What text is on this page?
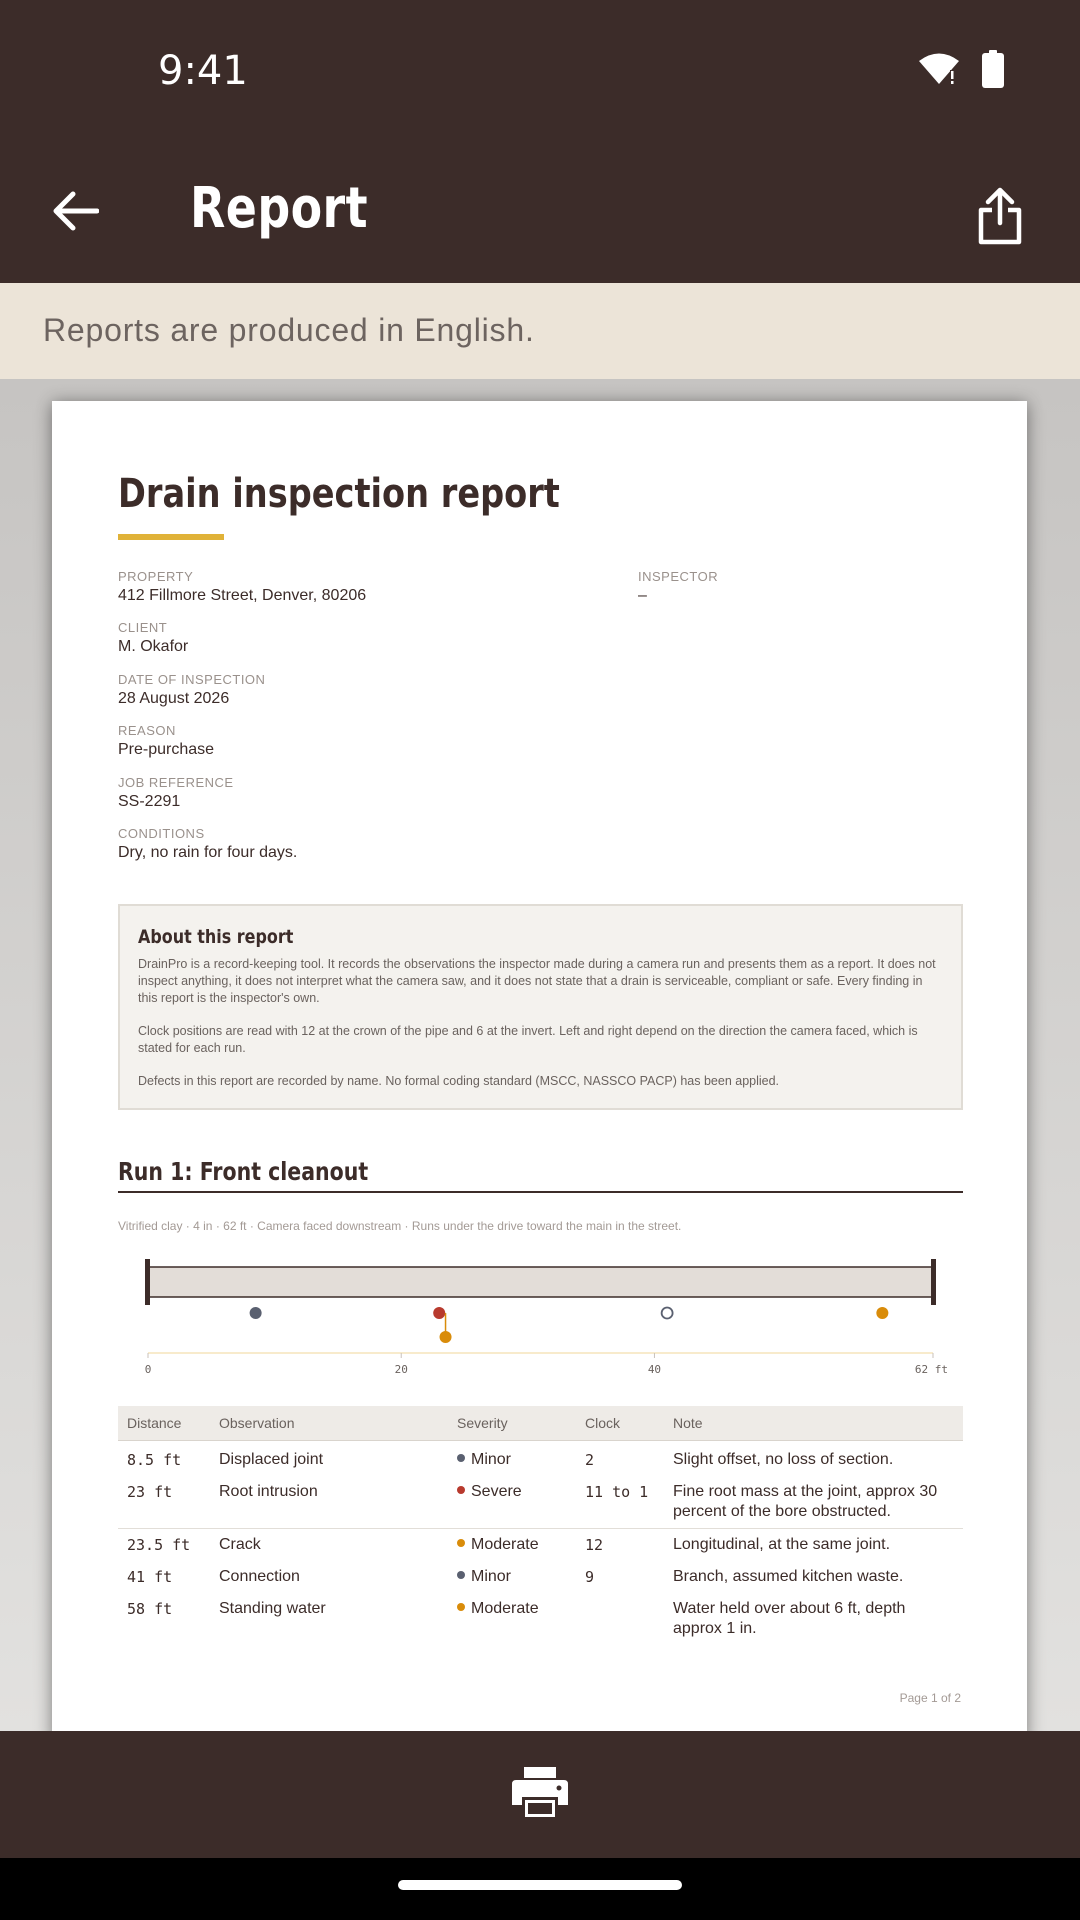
9:41
Report
Reports are produced in English.
Drain inspection report
PROPERTY
412 Fillmore Street, Denver, 80206
INSPECTOR
–
CLIENT
M. Okafor
DATE OF INSPECTION
28 August 2026
REASON
Pre-purchase
JOB REFERENCE
SS-2291
CONDITIONS
Dry, no rain for four days.
About this report

DrainPro is a record-keeping tool. It records the observations the inspector made during a camera run and presents them as a report. It does not inspect anything, it does not interpret what the camera saw, and it does not state that a drain is serviceable, compliant or safe. Every finding in this report is the inspector's own.

Clock positions are read with 12 at the crown of the pipe and 6 at the invert. Left and right depend on the direction the camera faced, which is stated for each run.

Defects in this report are recorded by name. No formal coding standard (MSCC, NASSCO PACP) has been applied.

Run 1: Front cleanout
Vitrified clay · 4 in · 62 ft · Camera faced downstream · Runs under the drive toward the main in the street.
0	20	40	62 ft
Distance	Observation	Severity	Clock	Note
8.5 ft	Displaced joint	Minor	2	Slight offset, no loss of section.
23 ft	Root intrusion	Severe	11 to 1	Fine root mass at the joint, approx 30 percent of the bore obstructed.
23.5 ft	Crack	Moderate	12	Longitudinal, at the same joint.
41 ft	Connection	Minor	9	Branch, assumed kitchen waste.
58 ft	Standing water	Moderate		Water held over about 6 ft, depth approx 1 in.
Page 1 of 2
